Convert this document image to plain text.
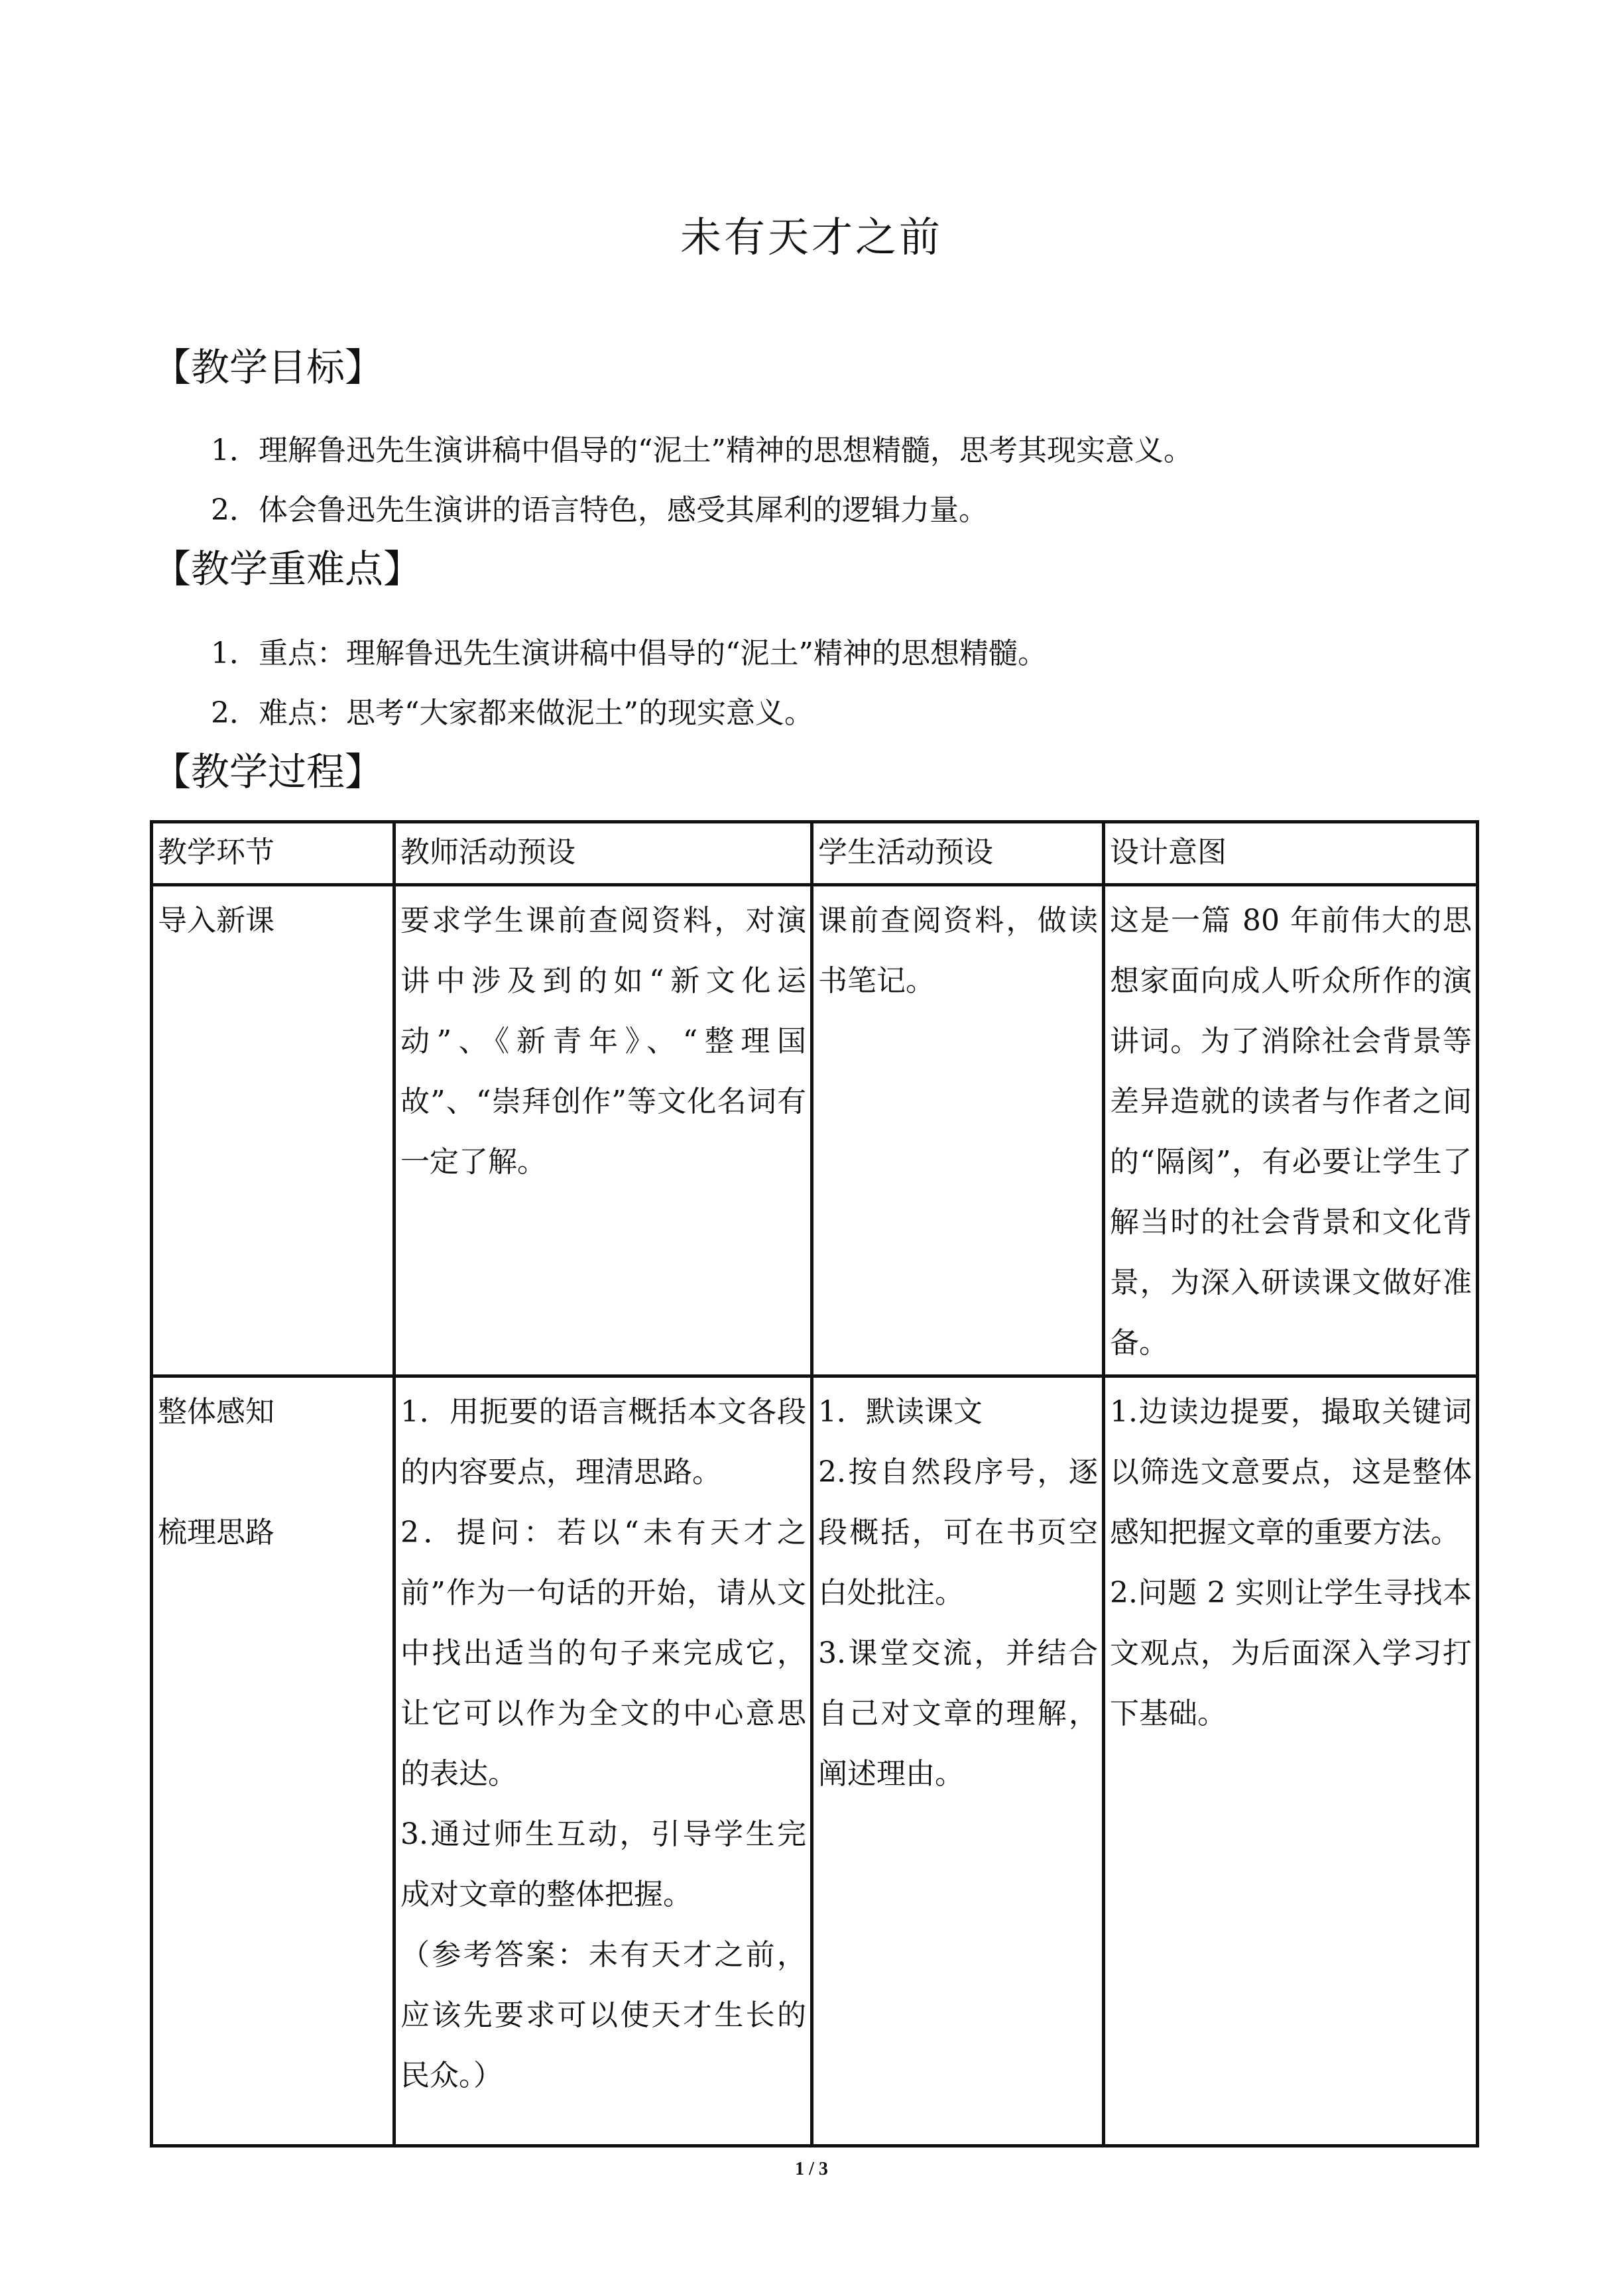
未有天才之前
【教学目标】
1．理解鲁迅先生演讲稿中倡导的“泥土”精神的思想精髓，思考其现实意义。
2．体会鲁迅先生演讲的语言特色，感受其犀利的逻辑力量。
【教学重难点】
1．重点：理解鲁迅先生演讲稿中倡导的“泥土”精神的思想精髓。
2．难点：思考“大家都来做泥土”的现实意义。
【教学过程】
教学环节	教师活动预设	学生活动预设	设计意图

导入新课	要求学生课前查阅资料，对演讲中涉及到的如“新文化运动”、《新青年》、“整理国故”、“崇拜创作”等文化名词有一定了解。	课前查阅资料，做读书笔记。	这是一篇 80 年前伟大的思想家面向成人听众所作的演讲词。为了消除社会背景等差异造就的读者与作者之间的“隔阂”，有必要让学生了解当时的社会背景和文化背景，为深入研读课文做好准备。

整体感知
梳理思路	1．用扼要的语言概括本文各段的内容要点，理清思路。
2．提问：若以“未有天才之前”作为一句话的开始，请从文中找出适当的句子来完成它，让它可以作为全文的中心意思的表达。
3.通过师生互动，引导学生完成对文章的整体把握。
（参考答案：未有天才之前，应该先要求可以使天才生长的民众。）	1．默读课文
2.按自然段序号，逐段概括，可在书页空白处批注。
3.课堂交流，并结合自己对文章的理解，阐述理由。	1.边读边提要，撮取关键词以筛选文意要点，这是整体感知把握文章的重要方法。
2.问题 2 实则让学生寻找本文观点，为后面深入学习打下基础。
1 / 3
